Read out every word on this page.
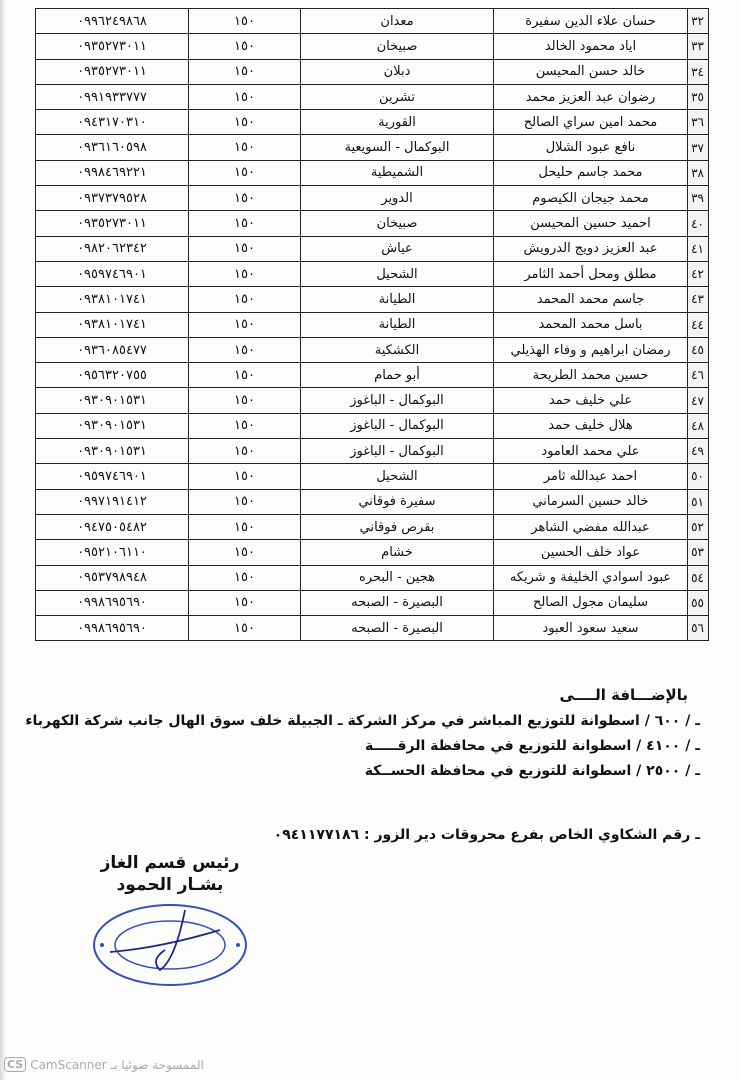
٣٢	حسان علاء الدين سفيرة	معدان	١٥٠	٠٩٩٦٢٤٩٨٦٨
٣٣	اياد محمود الخالد	صبيخان	١٥٠	٠٩٣٥٢٧٣٠١١
٣٤	خالد حسن المحيسن	دبلان	١٥٠	٠٩٣٥٢٧٣٠١١
٣٥	رضوان عبد العزيز محمد	تشرين	١٥٠	٠٩٩١٩٣٣٧٧٧
٣٦	محمد امين سراي الصالح	القورية	١٥٠	٠٩٤٣١٧٠٣١٠
٣٧	نافع عبود الشلال	البوكمال - السويعية	١٥٠	٠٩٣٦١٦٠٥٩٨
٣٨	محمد جاسم حليحل	الشميطية	١٥٠	٠٩٩٨٤٦٩٢٢١
٣٩	محمد جيجان الكيصوم	الدوير	١٥٠	٠٩٣٧٣٧٩٥٢٨
٤٠	احميد حسين المحيسن	صبيخان	١٥٠	٠٩٣٥٢٧٣٠١١
٤١	عبد العزيز دويج الدرويش	عياش	١٥٠	٠٩٨٢٠٦٢٣٤٢
٤٢	مطلق ومحل أحمد الثامر	الشحيل	١٥٠	٠٩٥٩٧٤٦٩٠١
٤٣	جاسم محمد المحمد	الطيانة	١٥٠	٠٩٣٨١٠١٧٤١
٤٤	باسل محمد المحمد	الطيانة	١٥٠	٠٩٣٨١٠١٧٤١
٤٥	رمضان ابراهيم و وفاء الهذيلي	الكشكية	١٥٠	٠٩٣٦٠٨٥٤٧٧
٤٦	حسين محمد الطريحة	أبو حمام	١٥٠	٠٩٥٦٣٢٠٧٥٥
٤٧	علي خليف حمد	البوكمال - الباغوز	١٥٠	٠٩٣٠٩٠١٥٣١
٤٨	هلال خليف حمد	البوكمال - الباغوز	١٥٠	٠٩٣٠٩٠١٥٣١
٤٩	علي محمد العامود	البوكمال - الباغوز	١٥٠	٠٩٣٠٩٠١٥٣١
٥٠	احمد عبدالله ثامر	الشحيل	١٥٠	٠٩٥٩٧٤٦٩٠١
٥١	خالد حسين السرماني	سفيرة فوقاني	١٥٠	٠٩٩٧١٩١٤١٢
٥٢	عبدالله مفضي الشاهر	بقرص فوقاني	١٥٠	٠٩٤٧٥٠٥٤٨٢
٥٣	عواد خلف الحسين	خشام	١٥٠	٠٩٥٢١٠٦١١٠
٥٤	عبود اسوادي الخليفة و شريكه	هجين - البحره	١٥٠	٠٩٥٣٧٩٨٩٤٨
٥٥	سليمان مجول الصالح	البصيرة - الصبحه	١٥٠	٠٩٩٨٦٩٥٦٩٠
٥٦	سعيد سعود العبود	البصيرة - الصبحه	١٥٠	٠٩٩٨٦٩٥٦٩٠
بالإضـــافة الــــى
ـ / ٦٠٠ / اسطوانة للتوزيع المباشر في مركز الشركة ـ الجبيلة خلف سوق الهال جانب شركة الكهرباء
ـ / ٤١٠٠ / اسطوانة للتوزيع في محافظة الرقـــــة
ـ / ٢٥٠٠ / اسطوانة للتوزيع في محافظة الحســكة
ـ رقم الشكاوي الخاص بفرع محروقات دير الزور : ٠٩٤١١٧٧١٨٦
رئيس قسم الغاز
بشـار الحمود
CS CamScanner الممسوحة ضوئيا بـ
